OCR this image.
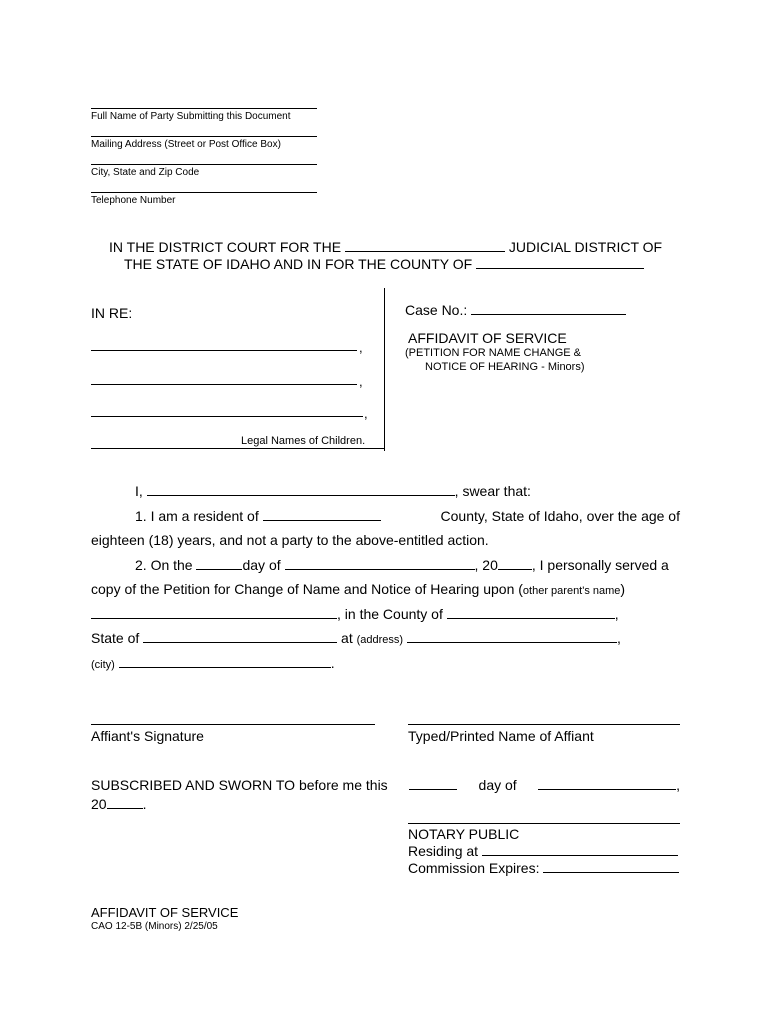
Full Name of Party Submitting this Document
Mailing Address (Street or Post Office Box)
City, State and Zip Code
Telephone Number
IN THE DISTRICT COURT FOR THE	JUDICIAL DISTRICT OF
THE STATE OF IDAHO AND IN FOR THE COUNTY OF
IN RE:
,
,
,
Legal Names of Children.
Case No.:
AFFIDAVIT OF SERVICE
(PETITION FOR NAME CHANGE &
NOTICE OF HEARING - Minors)
I,	, swear that:
1. I am a resident of	County, State of Idaho, over the age of
eighteen (18) years, and not a party to the above-entitled action.
2. On the	day of	, 20 , I personally served a
copy of the Petition for Change of Name and Notice of Hearing upon (other parent's name)
, in the County of	,
State of	at (address)	,
(city)	.
Affiant's Signature	Typed/Printed Name of Affiant
SUBSCRIBED AND SWORN TO before me this	day of	,
20	.
NOTARY PUBLIC
Residing at
Commission Expires:
AFFIDAVIT OF SERVICE
CAO 12-5B (Minors) 2/25/05
